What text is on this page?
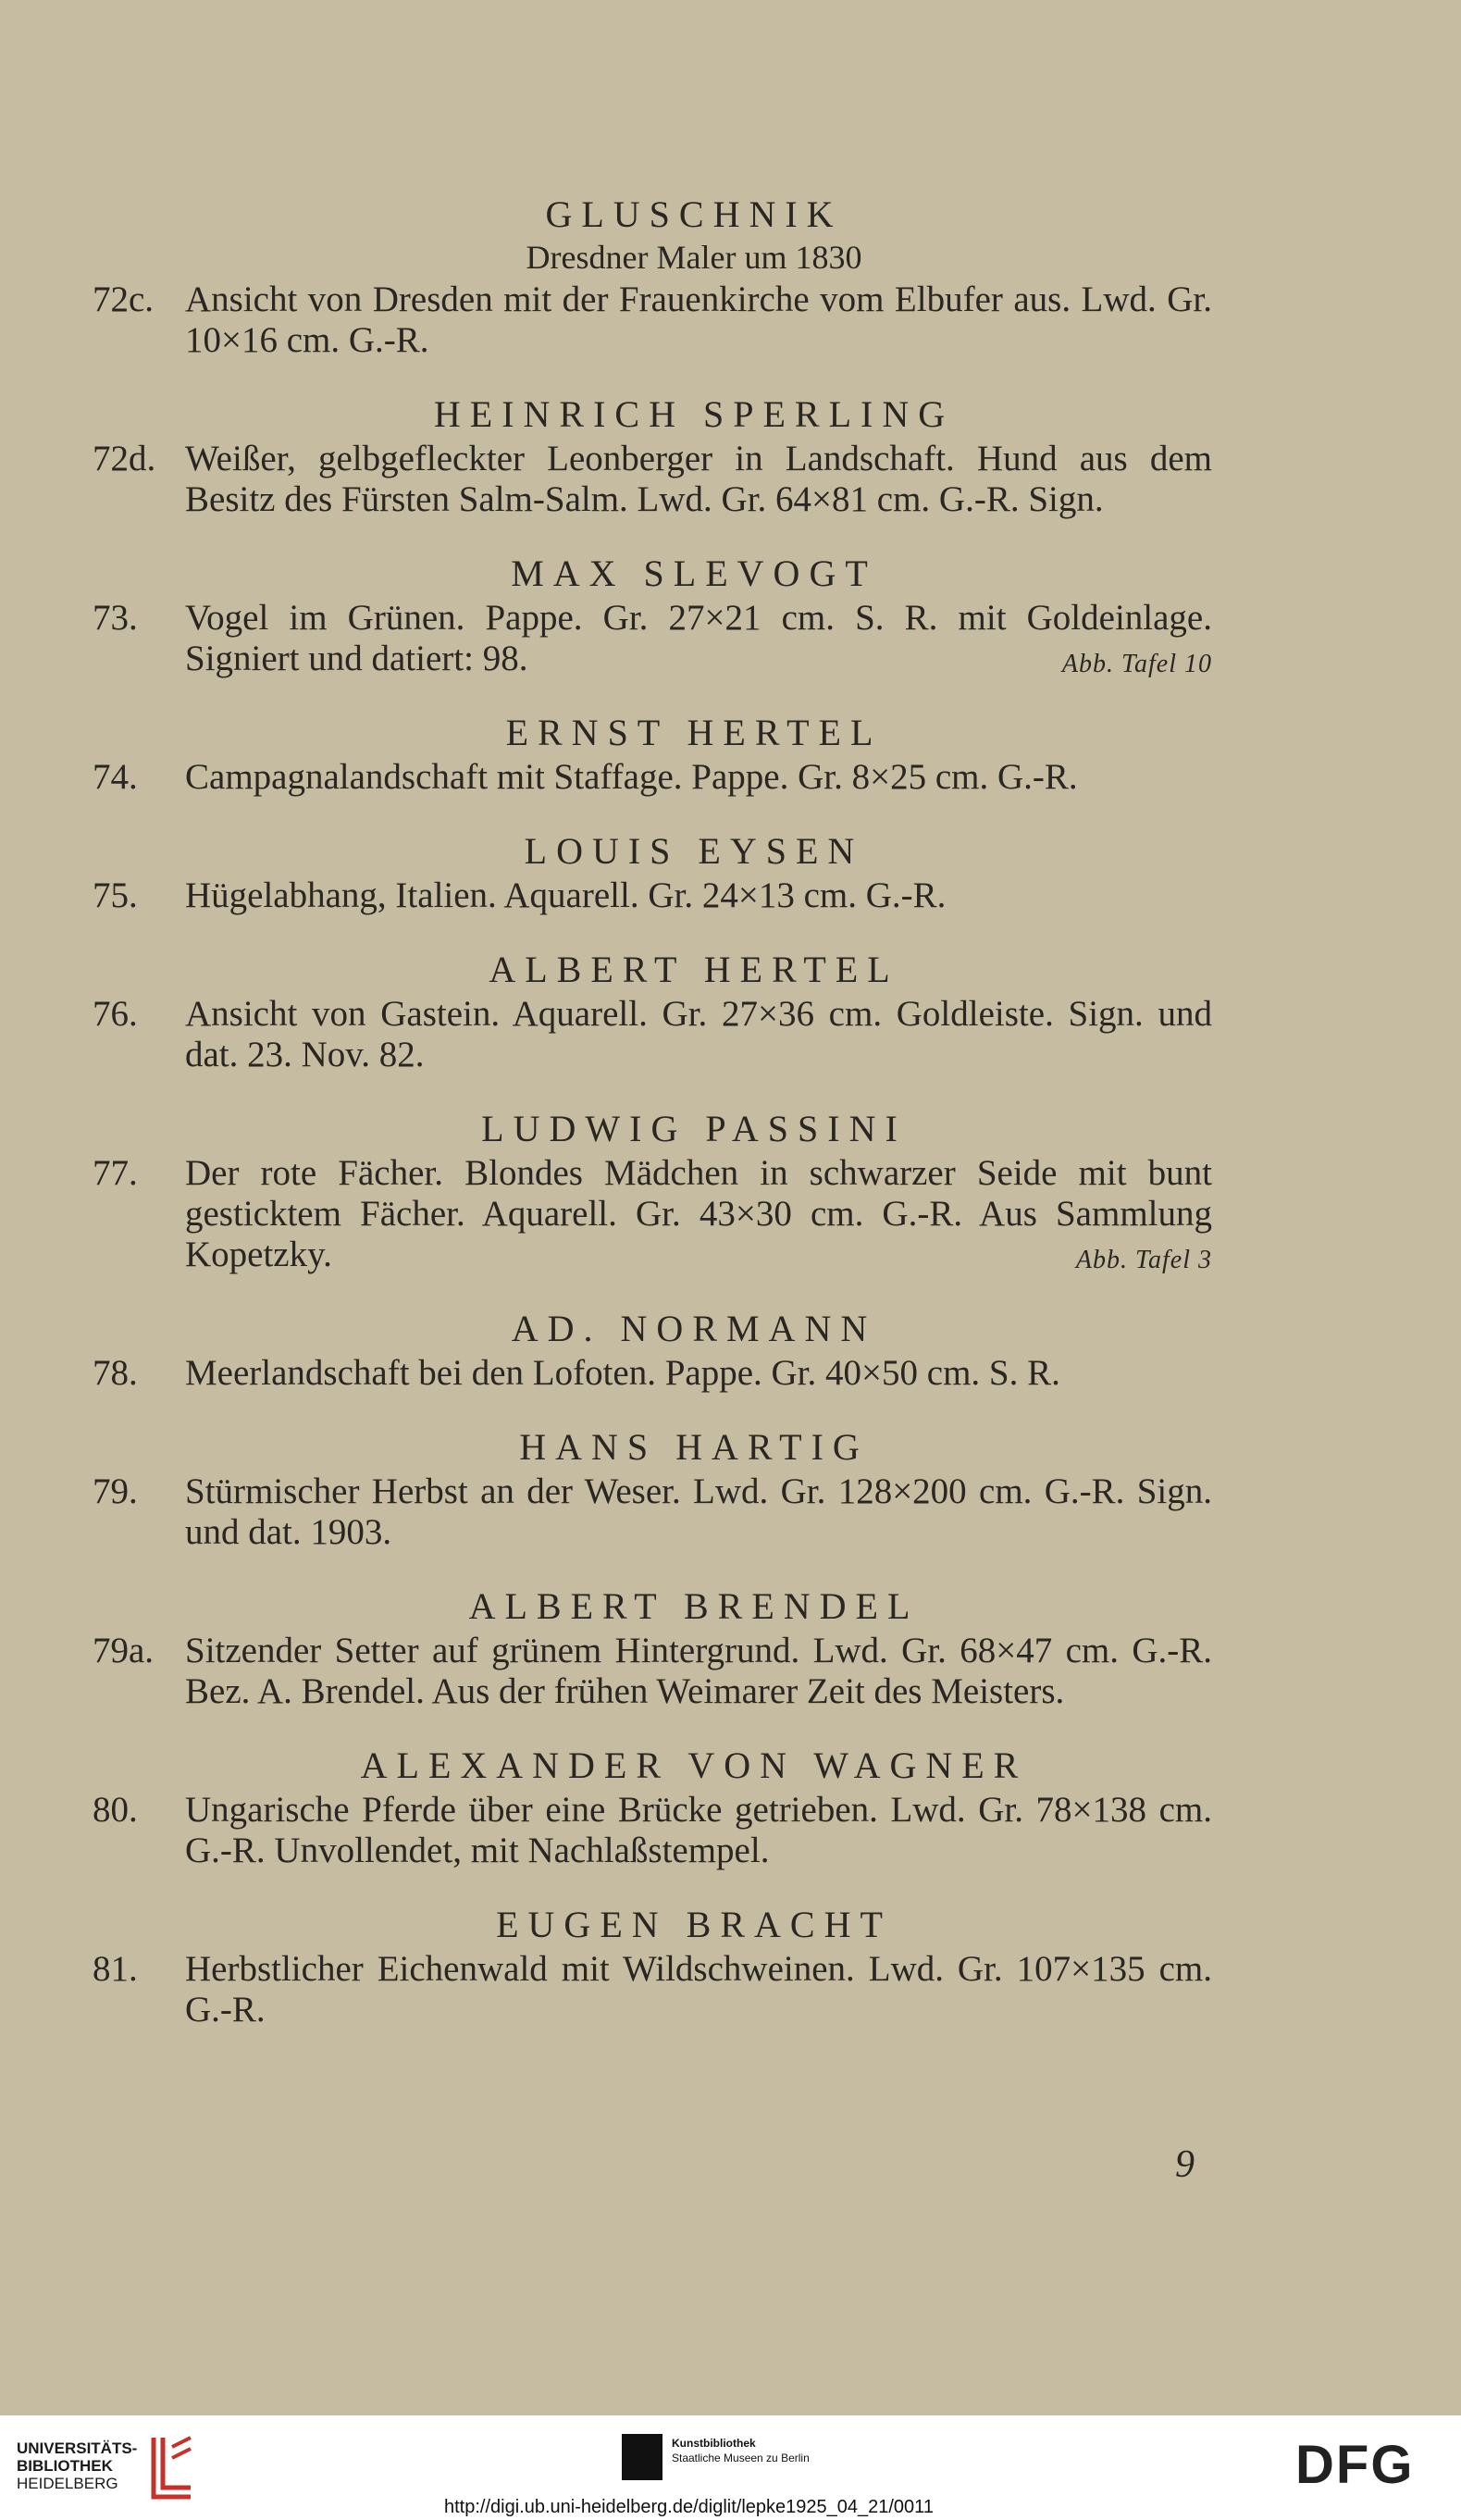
GLUSCHNIK
Dresdner Maler um 1830
72c. Ansicht von Dresden mit der Frauenkirche vom Elbufer aus. Lwd. Gr. 10×16 cm. G.-R.
HEINRICH SPERLING
72d. Weißer, gelbgefleckter Leonberger in Landschaft. Hund aus dem Besitz des Fürsten Salm-Salm. Lwd. Gr. 64×81 cm. G.-R. Sign.
MAX SLEVOGT
73.	Vogel im Grünen. Pappe. Gr. 27×21 cm. S. R. mit Goldeinlage. Signiert und datiert: 98.	Abb. Tafel 10
ERNST HERTEL
74.	Campagnalandschaft mit Staffage. Pappe. Gr. 8×25 cm. G.-R.
LOUIS EYSEN
75.	Hügelabhang, Italien. Aquarell. Gr. 24×13 cm. G.-R.
ALBERT HERTEL
76.	Ansicht von Gastein. Aquarell. Gr. 27×36 cm. Goldleiste. Sign. und dat. 23. Nov. 82.
LUDWIG PASSINI
77.	Der rote Fächer. Blondes Mädchen in schwarzer Seide mit bunt gesticktem Fächer. Aquarell. Gr. 43×30 cm. G.-R. Aus Sammlung Kopetzky.	Abb. Tafel 3
AD. NORMANN
78.	Meerlandschaft bei den Lofoten. Pappe. Gr. 40×50 cm. S. R.
HANS HARTIG
79.	Stürmischer Herbst an der Weser. Lwd. Gr. 128×200 cm. G.-R. Sign. und dat. 1903.
ALBERT BRENDEL
79a. Sitzender Setter auf grünem Hintergrund. Lwd. Gr. 68×47 cm. G.-R. Bez. A. Brendel. Aus der frühen Weimarer Zeit des Meisters.
ALEXANDER VON WAGNER
80.	Ungarische Pferde über eine Brücke getrieben. Lwd. Gr. 78×138 cm. G.-R. Unvollendet, mit Nachlaßstempel.
EUGEN BRACHT
81.	Herbstlicher Eichenwald mit Wildschweinen. Lwd. Gr. 107×135 cm. G.-R.
9
UNIVERSITÄTS-
BIBLIOTHEK
HEIDELBERG
Kunstbibliothek
Staatliche Museen zu Berlin	DFG
http://digi.ub.uni-heidelberg.de/diglit/lepke1925_04_21/0011
